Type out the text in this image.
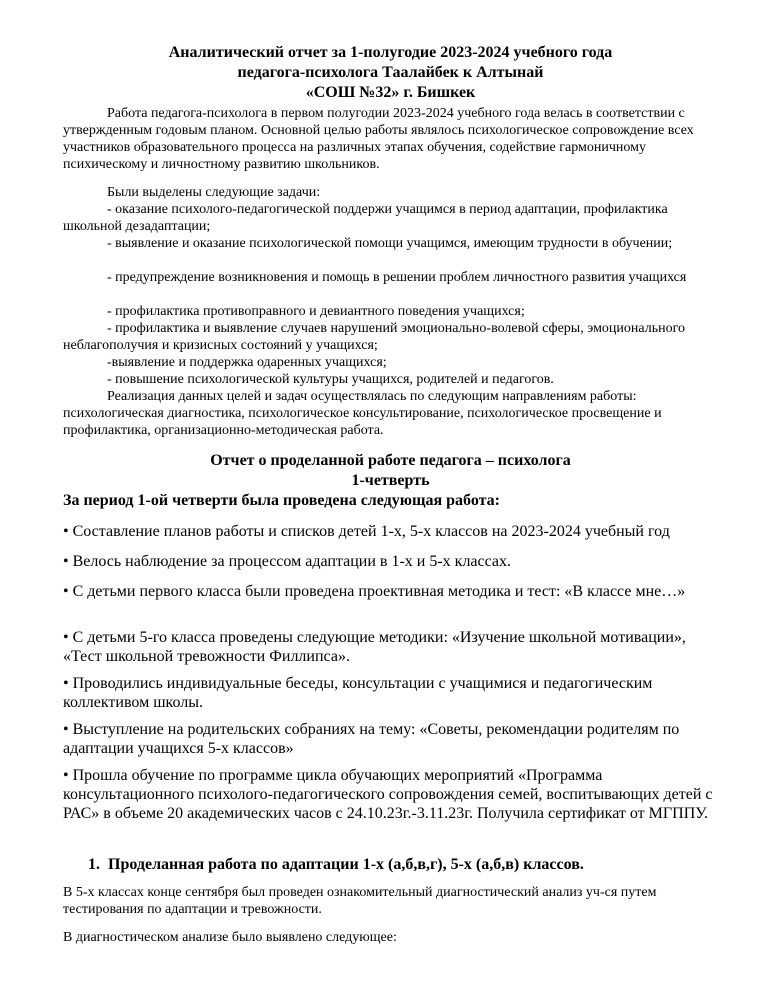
Аналитический отчет за 1-полугодие 2023-2024 учебного года

педагога-психолога Таалайбек к Алтынай

«СОШ №32» г. Бишкек

Работа педагога-психолога в первом полугодии 2023-2024 учебного года велась в соответствии с утвержденным годовым планом. Основной целью работы являлось психологическое сопровождение всех участников образовательного процесса на различных этапах обучения, содействие гармоничному психическому и личностному развитию школьников.

Были выделены следующие задачи:

- оказание психолого-педагогической поддержи учащимся в период адаптации, профилактика школьной дезадаптации;

- выявление и оказание психологической помощи учащимся, имеющим трудности в обучении;

- предупреждение возникновения и помощь в решении проблем личностного развития учащихся

- профилактика противоправного и девиантного поведения учащихся;

- профилактика и выявление случаев нарушений эмоционально-волевой сферы, эмоционального неблагополучия и кризисных состояний у учащихся;

-выявление и поддержка одаренных учащихся;

- повышение психологической культуры учащихся, родителей и педагогов.

Реализация данных целей и задач осуществлялась по следующим направлениям работы: психологическая диагностика, психологическое консультирование, психологическое просвещение и профилактика, организационно-методическая работа.

Отчет о проделанной работе педагога – психолога

1-четверть

За период 1-ой четверти была проведена следующая работа:

• Составление планов работы и списков детей 1-х, 5-х классов на 2023-2024 учебный год

• Велось наблюдение за процессом адаптации в 1-х и 5-х классах.

• С детьми первого класса были проведена проективная методика и тест: «В классе мне…»

• С детьми 5-го класса проведены следующие методики: «Изучение школьной мотивации», «Тест школьной тревожности Филлипса».

• Проводились индивидуальные беседы, консультации с учащимися и педагогическим коллективом школы.

• Выступление на родительских собраниях на тему: «Советы, рекомендации родителям по адаптации учащихся 5-х классов»

• Прошла обучение по программе цикла обучающих мероприятий «Программа консультационного психолого-педагогического сопровождения семей, воспитывающих детей с РАС» в объеме 20 академических часов с 24.10.23г.-3.11.23г. Получила сертификат от МГППУ.

1. Проделанная работа по адаптации 1-х (а,б,в,г), 5-х (а,б,в) классов.

В 5-х классах конце сентября был проведен ознакомительный диагностический анализ уч-ся путем тестирования по адаптации и тревожности.

В диагностическом анализе было выявлено следующее:
